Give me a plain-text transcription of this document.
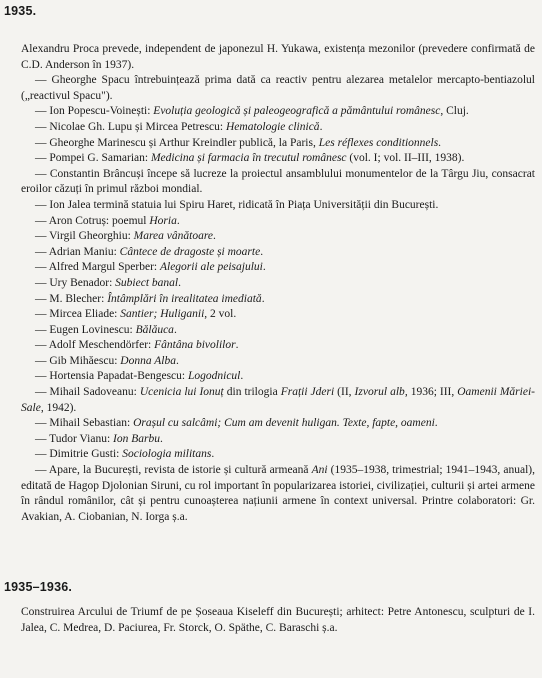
1935.
Alexandru Proca prevede, independent de japonezul H. Yukawa, existența mezonilor (prevedere confirmată de C.D. Anderson în 1937).
— Gheorghe Spacu întrebuințează prima dată ca reactiv pentru alezarea metalelor mercapto-bentiazolul („reactivul Spacu").
— Ion Popescu-Voinești: Evoluția geologică și paleogeografică a pământului românesc, Cluj.
— Nicolae Gh. Lupu și Mircea Petrescu: Hematologie clinică.
— Gheorghe Marinescu și Arthur Kreindler publică, la Paris, Les réflexes conditionnels.
— Pompei G. Samarian: Medicina și farmacia în trecutul românesc (vol. I; vol. II–III, 1938).
— Constantin Brâncuși începe să lucreze la proiectul ansamblului monumentelor de la Târgu Jiu, consacrat eroilor căzuți în primul război mondial.
— Ion Jalea termină statuia lui Spiru Haret, ridicată în Piața Universității din București.
— Aron Cotruș: poemul Horia.
— Virgil Gheorghiu: Marea vânătoare.
— Adrian Maniu: Cântece de dragoste și moarte.
— Alfred Margul Sperber: Alegorii ale peisajului.
— Ury Benador: Subiect banal.
— M. Blecher: Întâmplări în irealitatea imediată.
— Mircea Eliade: Santier; Huliganii, 2 vol.
— Eugen Lovinescu: Bălăuca.
— Adolf Meschendörfer: Fântâna bivolilor.
— Gib Mihăescu: Donna Alba.
— Hortensia Papadat-Bengescu: Logodnicul.
— Mihail Sadoveanu: Ucenicia lui Ionuț din trilogia Frații Jderi (II, Izvorul alb, 1936; III, Oamenii Măriei-Sale, 1942).
— Mihail Sebastian: Orașul cu salcâmi; Cum am devenit huligan. Texte, fapte, oameni.
— Tudor Vianu: Ion Barbu.
— Dimitrie Gusti: Sociologia militans.
— Apare, la București, revista de istorie și cultură armeană Ani (1935–1938, trimestrial; 1941–1943, anual), editată de Hagop Djolonian Siruni, cu rol important în popularizarea istoriei, civilizației, culturii și artei armene în rândul românilor, cât și pentru cunoașterea națiunii armene în context universal. Printre colaboratori: Gr. Avakian, A. Ciobanian, N. Iorga ș.a.
1935–1936.
Construirea Arcului de Triumf de pe Șoseaua Kiseleff din București; arhitect: Petre Antonescu, sculpturi de I. Jalea, C. Medrea, D. Paciurea, Fr. Storck, O. Späthe, C. Baraschi ș.a.
